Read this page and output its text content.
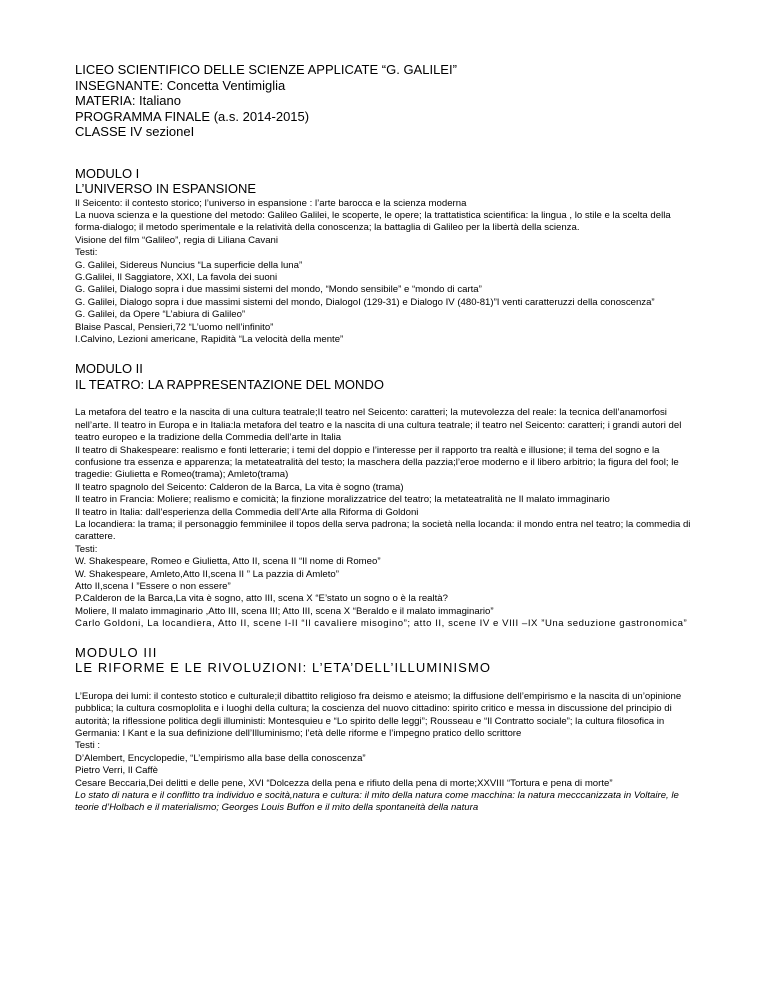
LICEO SCIENTIFICO DELLE SCIENZE APPLICATE “G. GALILEI”

INSEGNANTE: Concetta Ventimiglia

MATERIA: Italiano

PROGRAMMA FINALE (a.s. 2014-2015)

CLASSE IV sezioneI

MODULO I

L’UNIVERSO IN ESPANSIONE

Il Seicento: il contesto storico; l’universo in espansione : l’arte barocca e la scienza moderna

La nuova scienza e la questione del metodo: Galileo Galilei, le scoperte, le opere; la trattatistica scientifica: la lingua , lo stile e la scelta della forma-dialogo; il metodo sperimentale e la relatività della conoscenza; la battaglia di Galileo per la libertà della scienza.

Visione del film “Galileo”, regia di Liliana Cavani

Testi:

G. Galilei, Sidereus Nuncius “La superficie della luna”

G.Galilei, Il Saggiatore, XXI, La favola dei suoni

G. Galilei, Dialogo sopra i due massimi sistemi del mondo, “Mondo sensibile” e “mondo di carta”

G. Galilei, Dialogo sopra i due massimi sistemi del mondo, DialogoI (129-31) e Dialogo IV (480-81)”I venti caratteruzzi della conoscenza”

G. Galilei, da Opere “L’abiura di Galileo”

Blaise Pascal, Pensieri,72 “L’uomo nell’infinito”

I.Calvino, Lezioni americane, Rapidità “La velocità della mente”

MODULO II

IL TEATRO: LA RAPPRESENTAZIONE DEL MONDO

La metafora del teatro e la nascita di una cultura teatrale;Il teatro nel Seicento: caratteri; la mutevolezza del reale: la tecnica dell’anamorfosi nell’arte. Il teatro in Europa e in Italia:la metafora del teatro e la nascita di una cultura teatrale; il teatro nel Seicento: caratteri; i grandi autori del teatro europeo e la tradizione della Commedia dell’arte in Italia

Il teatro di Shakespeare: realismo e fonti letterarie; i temi del doppio e l’interesse per il rapporto tra realtà e illusione; il tema del sogno e la confusione tra essenza e apparenza; la metateatralità del testo; la maschera della pazzia;l’eroe moderno e il libero arbitrio; la figura del fool; le tragedie: Giulietta e Romeo(trama); Amleto(trama)

Il teatro spagnolo del Seicento: Calderon de la Barca, La vita è sogno (trama)

Il teatro in Francia: Moliere; realismo e comicità; la finzione moralizzatrice del teatro; la metateatralità ne Il malato immaginario

Il teatro in Italia: dall’esperienza della Commedia dell’Arte alla Riforma di Goldoni

La locandiera: la trama; il personaggio femminilee il topos della serva padrona; la società nella locanda: il mondo entra nel teatro; la commedia di carattere.

Testi:

W. Shakespeare, Romeo e Giulietta, Atto II, scena II “Il nome di Romeo”

W. Shakespeare, Amleto,Atto II,scena II ” La pazzia di Amleto”

Atto II,scena I ”Essere o non essere”

P.Calderon de la Barca,La vita è sogno, atto III, scena X “E’stato un sogno o è la realtà?

Moliere, Il malato immaginario ,Atto III, scena III; Atto III, scena X “Beraldo e il malato immaginario”

Carlo Goldoni, La locandiera, Atto II, scene I-II “Il cavaliere misogino”; atto II, scene IV e VIII –IX ”Una seduzione gastronomica”

MODULO III

LE RIFORME E LE RIVOLUZIONI: L’ETA’DELL’ILLUMINISMO

L’Europa dei lumi: il contesto stotico e culturale;il dibattito religioso fra deismo e ateismo; la diffusione dell’empirismo e la nascita di un’opinione pubblica; la cultura cosmoplolita e i luoghi della cultura; la coscienza del nuovo cittadino: spirito critico e messa in discussione del principio di autorità; la riflessione politica degli illuministi: Montesquieu e “Lo spirito delle leggi”; Rousseau e “Il Contratto sociale”; la cultura filosofica in Germania: I Kant e la sua definizione dell’Illuminismo; l’età delle riforme e l’impegno pratico dello scrittore

Testi :

D’Alembert, Encyclopedie, “L’empirismo alla base della conoscenza”

Pietro Verri, Il Caffè

Cesare Beccaria,Dei delitti e delle pene, XVI “Dolcezza della pena e rifiuto della pena di morte;XXVIII “Tortura e pena di morte”

Lo stato di natura e il conflitto tra individuo e socità,natura e cultura: il mito della natura come macchina: la natura mecccanizzata in Voltaire, le teorie d’Holbach e il materialismo; Georges Louis Buffon e il mito della spontaneità della natura
